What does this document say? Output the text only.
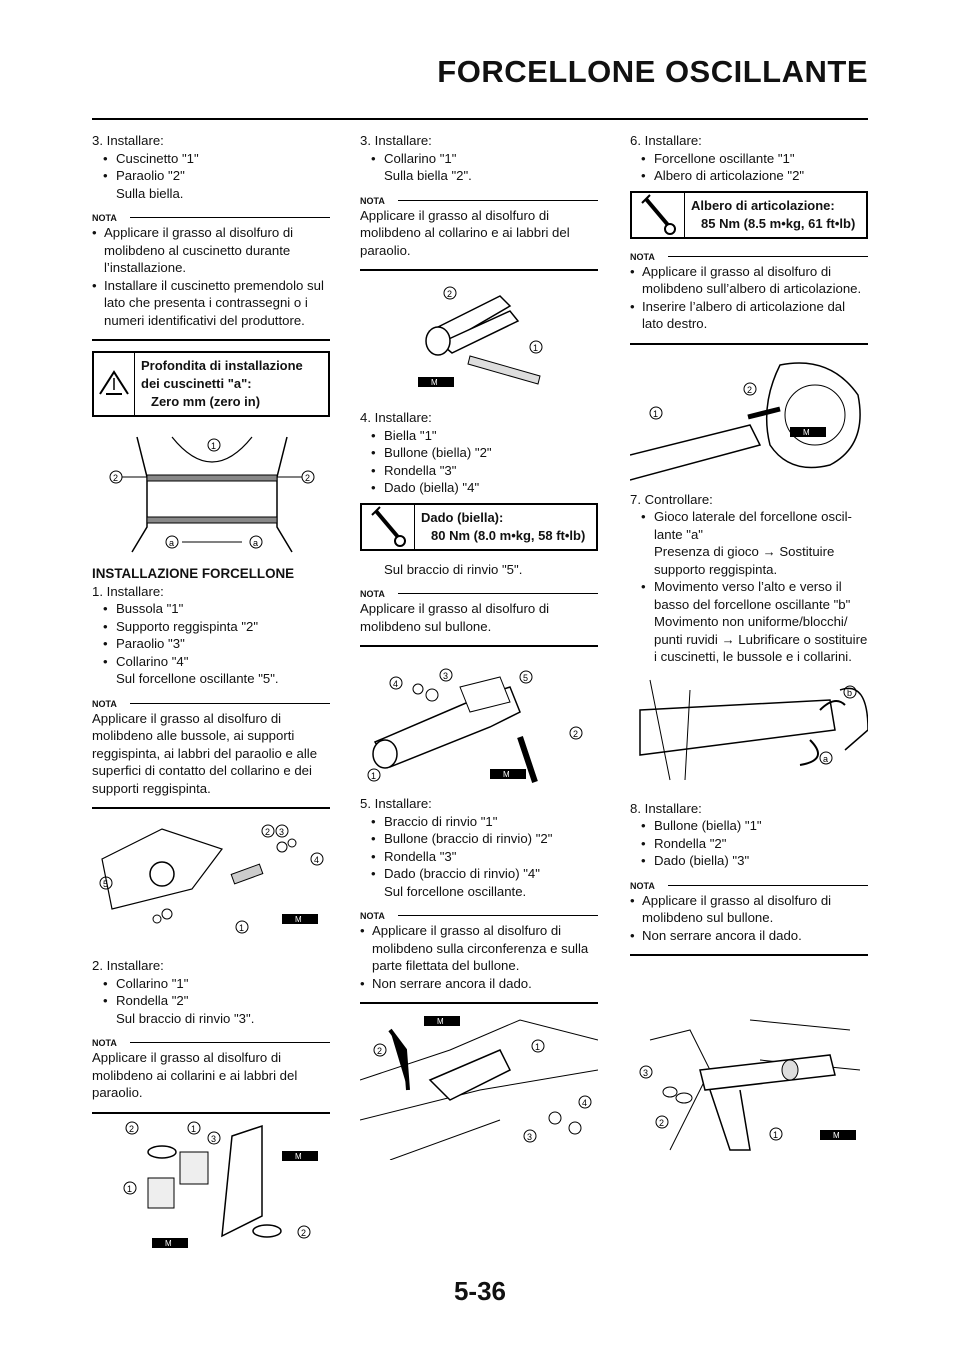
FORCELLONE OSCILLANTE

3. Installare:

• Cuscinetto "1"

• Paraolio "2"

Sulla biella.

NOTA

• Applicare il grasso al disolfuro di molibdeno al cuscinetto durante l’installazione.

• Installare il cuscinetto premendolo sul lato che presenta i contrassegni o i numeri identificativi del produttore.

Profondita di installazione dei cuscinetti "a":
Zero mm (zero in)
1
2	2
a	a
INSTALLAZIONE FORCELLONE

1. Installare:

• Bussola "1"

• Supporto reggispinta "2"

• Paraolio "3"

• Collarino "4"

Sul forcellone oscillante "5".

NOTA

Applicare il grasso al disolfuro di molibdeno alle bussole, ai supporti reggispinta, ai labbri del paraolio e alle superfici di contatto del collarino e dei supporti reggispinta.

5
2 3
4
1
M

2. Installare:

• Collarino "1"

• Rondella "2"

Sul braccio di rinvio "3".

NOTA

Applicare il grasso al disolfuro di molibdeno ai collarini e ai labbri del paraolio.

2	1
3
1
2
M
M

3. Installare:

• Collarino "1"

Sulla biella "2".

NOTA

Applicare il grasso al disolfuro di molibdeno al collarino e ai labbri del paraolio.

2
1
M

4. Installare:

• Biella "1"

• Bullone (biella) "2"

• Rondella "3"

• Dado (biella) "4"

Dado (biella):
80 Nm (8.0 m•kg, 58 ft•lb)

Sul braccio di rinvio "5".

NOTA

Applicare il grasso al disolfuro di molibdeno sul bullone.

4
3	5
2
1	M

5. Installare:

• Braccio di rinvio "1"

• Bullone (braccio di rinvio) "2"

• Rondella "3"

• Dado (braccio di rinvio) "4"

Sul forcellone oscillante.

NOTA

• Applicare il grasso al disolfuro di molibdeno sulla circonferenza e sulla parte filettata del bullone.

• Non serrare ancora il dado.

2	1
4
3
M

6. Installare:

• Forcellone oscillante "1"

• Albero di articolazione "2"

Albero di articolazione:
85 Nm (8.5 m•kg, 61 ft•lb)
NOTA

• Applicare il grasso al disolfuro di molibdeno sull’albero di articolazione.

• Inserire l’albero di articolazione dal lato destro.

1
2
M

7. Controllare:

• Gioco laterale del forcellone oscillante "a"

Presenza di gioco → Sostituire supporto reggispinta.

• Movimento verso l’alto e verso il basso del forcellone oscillante "b"

Movimento non uniforme/blocchi/ punti ruvidi → Lubrificare o sostituire i cuscinetti, le bussole e i collarini.

a
b

8. Installare:

• Bullone (biella) "1"

• Rondella "2"

• Dado (biella) "3"

NOTA

• Applicare il grasso al disolfuro di molibdeno sul bullone.

• Non serrare ancora il dado.

3
2
1	M
5-36
